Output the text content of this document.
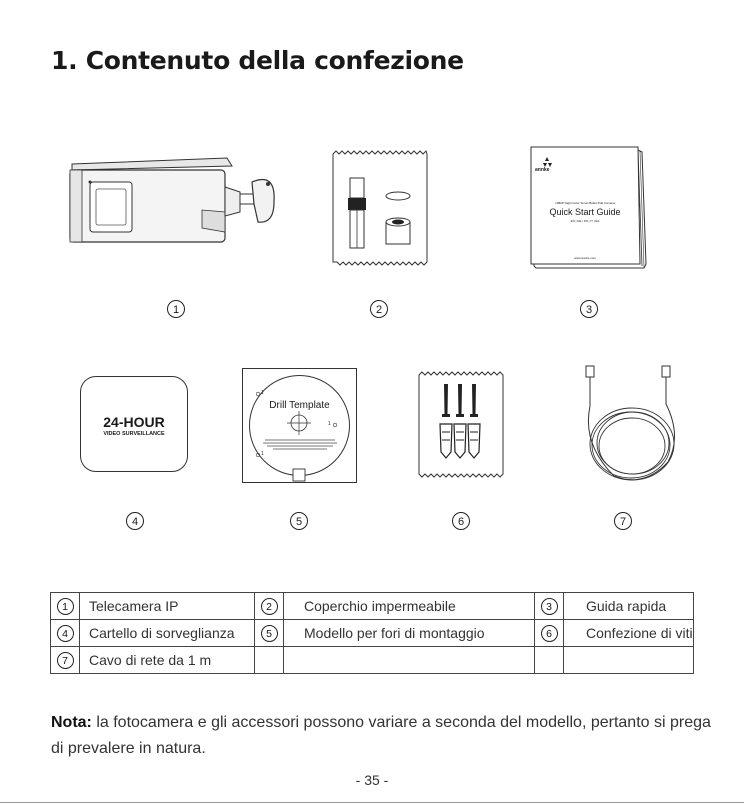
1. Contenuto della confezione
annke
1080P Night Color Smart Bullet PoE Camera
Quick Start Guide
EN | DE | FR | IT | ES
www.annke.com
24-HOUR
VIDEO SURVEILLANCE
1
Drill Template
1
1
1	2	3
4	5	6	7
1	Telecamera IP	2	Coperchio impermeabile	3	Guida rapida
4	Cartello di sorveglianza	5	Modello per fori di montaggio	6	Confezione di viti
7	Cavo di rete da 1 m				
Nota: la fotocamera e gli accessori possono variare a seconda del modello, pertanto si prega di prevalere in natura.
- 35 -
